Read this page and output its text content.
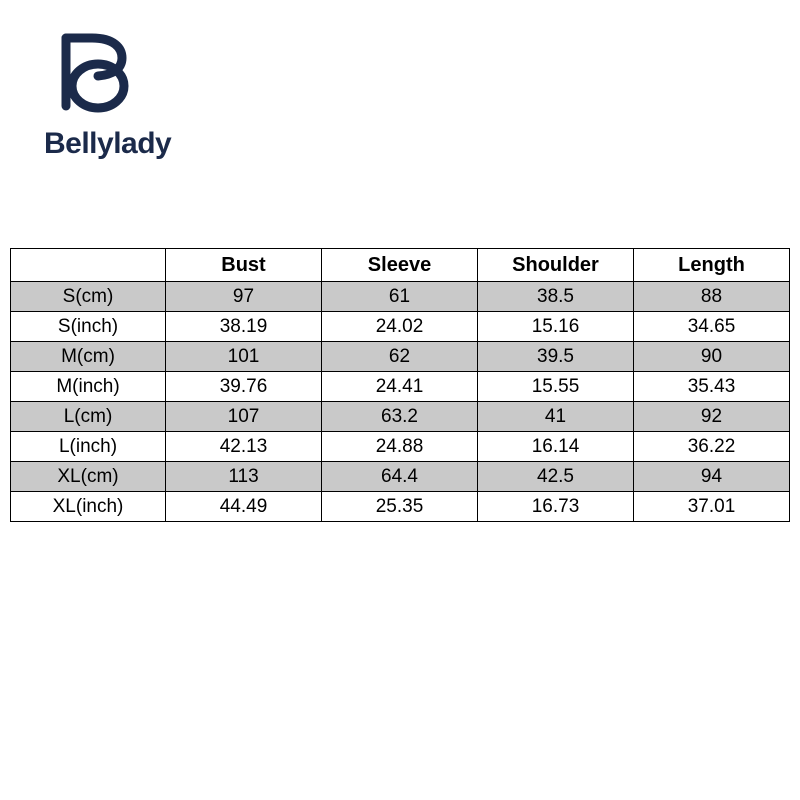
Bellylady
	Bust	Sleeve	Shoulder	Length
S(cm)	97	61	38.5	88
S(inch)	38.19	24.02	15.16	34.65
M(cm)	101	62	39.5	90
M(inch)	39.76	24.41	15.55	35.43
L(cm)	107	63.2	41	92
L(inch)	42.13	24.88	16.14	36.22
XL(cm)	113	64.4	42.5	94
XL(inch)	44.49	25.35	16.73	37.01
